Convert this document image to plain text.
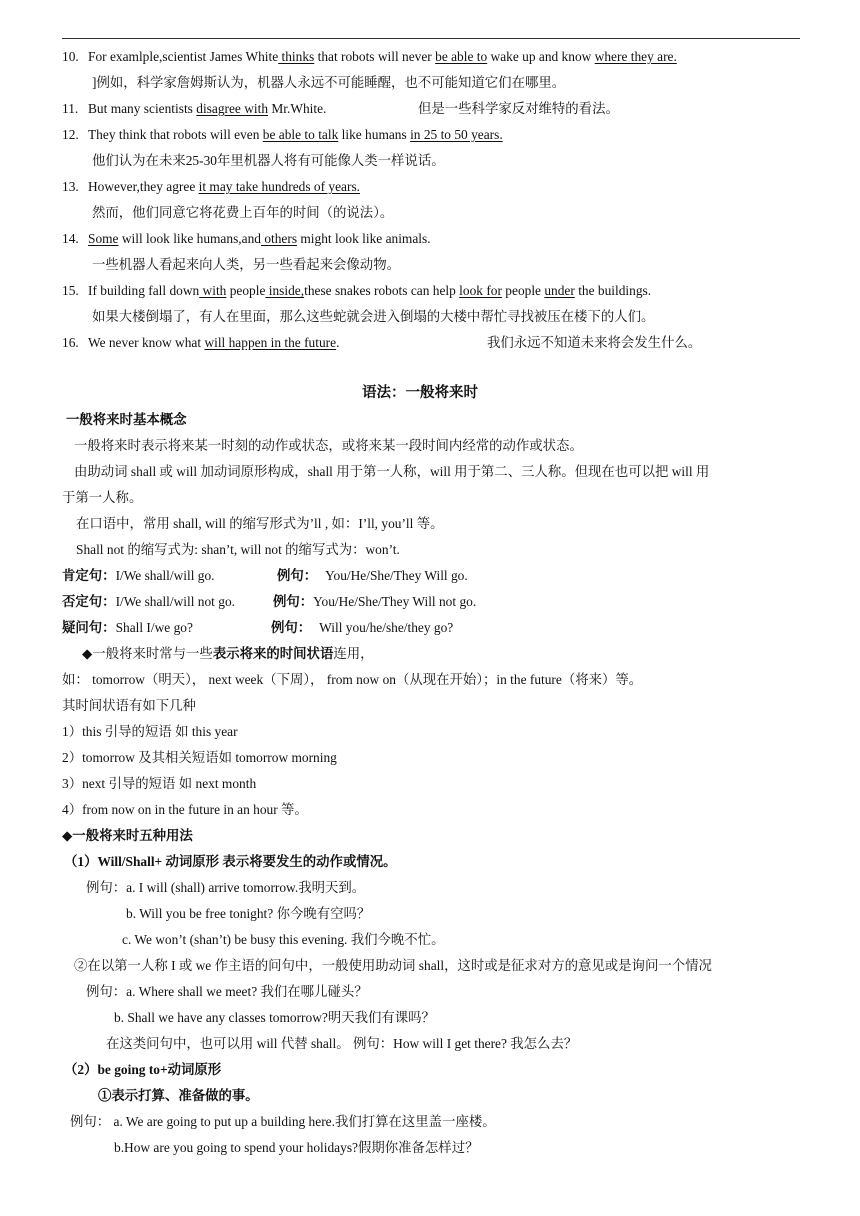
10. For examlple,scientist James White thinks that robots will never be able to wake up and know where they are.
]例如，科学家詹姆斯认为，机器人永远不可能睡醒，也不可能知道它们在哪里。
11. But many scientists disagree with Mr.White.	但是一些科学家反对维特的看法。
12. They think that robots will even be able to talk like humans in 25 to 50 years.
他们认为在未来25-30年里机器人将有可能像人类一样说话。
13. However,they agree it may take hundreds of years.
然而，他们同意它将花费上百年的时间（的说法）。
14. Some will look like humans,and others might look like animals.
一些机器人看起来向人类，另一些看起来会像动物。
15. If building fall down with people inside,these snakes robots can help look for people under the buildings.
如果大楼倒塌了，有人在里面，那么这些蛇就会进入倒塌的大楼中帮忙寻找被压在楼下的人们。
16. We never know what will happen in the future.	我们永远不知道未来将会发生什么。
语法：一般将来时
一般将来时基本概念
一般将来时表示将来某一时刻的动作或状态，或将来某一段时间内经常的动作或状态。
由助动词 shall 或 will 加动词原形构成，shall 用于第一人称，will 用于第二、三人称。但现在也可以把 will 用
于第一人称。
在口语中，常用 shall, will 的缩写形式为’ll , 如：I’ll, you’ll 等。
Shall not 的缩写式为: shan’t, will not 的缩写式为：won’t.
肯定句：I/We shall/will go.	例句： You/He/She/They Will go.
否定句：I/We shall/will not go.	例句：You/He/She/They Will not go.
疑问句：Shall I/we go?	例句： Will you/he/she/they go?
◆一般将来时常与一些表示将来的时间状语连用，
如： tomorrow（明天）， next week（下周）， from now on（从现在开始）；in the future（将来）等。
其时间状语有如下几种
1）this 引导的短语 如 this year
2）tomorrow 及其相关短语如 tomorrow morning
3）next 引导的短语 如 next month
4）from now on in the future in an hour 等。
◆一般将来时五种用法
（1）Will/Shall+ 动词原形 表示将要发生的动作或情况。
例句：a. I will (shall) arrive tomorrow.我明天到。
b. Will you be free tonight? 你今晚有空吗？
c. We won’t (shan’t) be busy this evening. 我们今晚不忙。
②在以第一人称 I 或 we 作主语的问句中，一般使用助动词 shall，这时或是征求对方的意见或是询问一个情况
例句：a. Where shall we meet? 我们在哪儿碰头？
b. Shall we have any classes tomorrow?明天我们有课吗？
在这类问句中，也可以用 will 代替 shall。 例句：How will I get there? 我怎么去？
（2）be going to+动词原形
①表示打算、准备做的事。
例句： a. We are going to put up a building here.我们打算在这里盖一座楼。
b.How are you going to spend your holidays?假期你准备怎样过？
